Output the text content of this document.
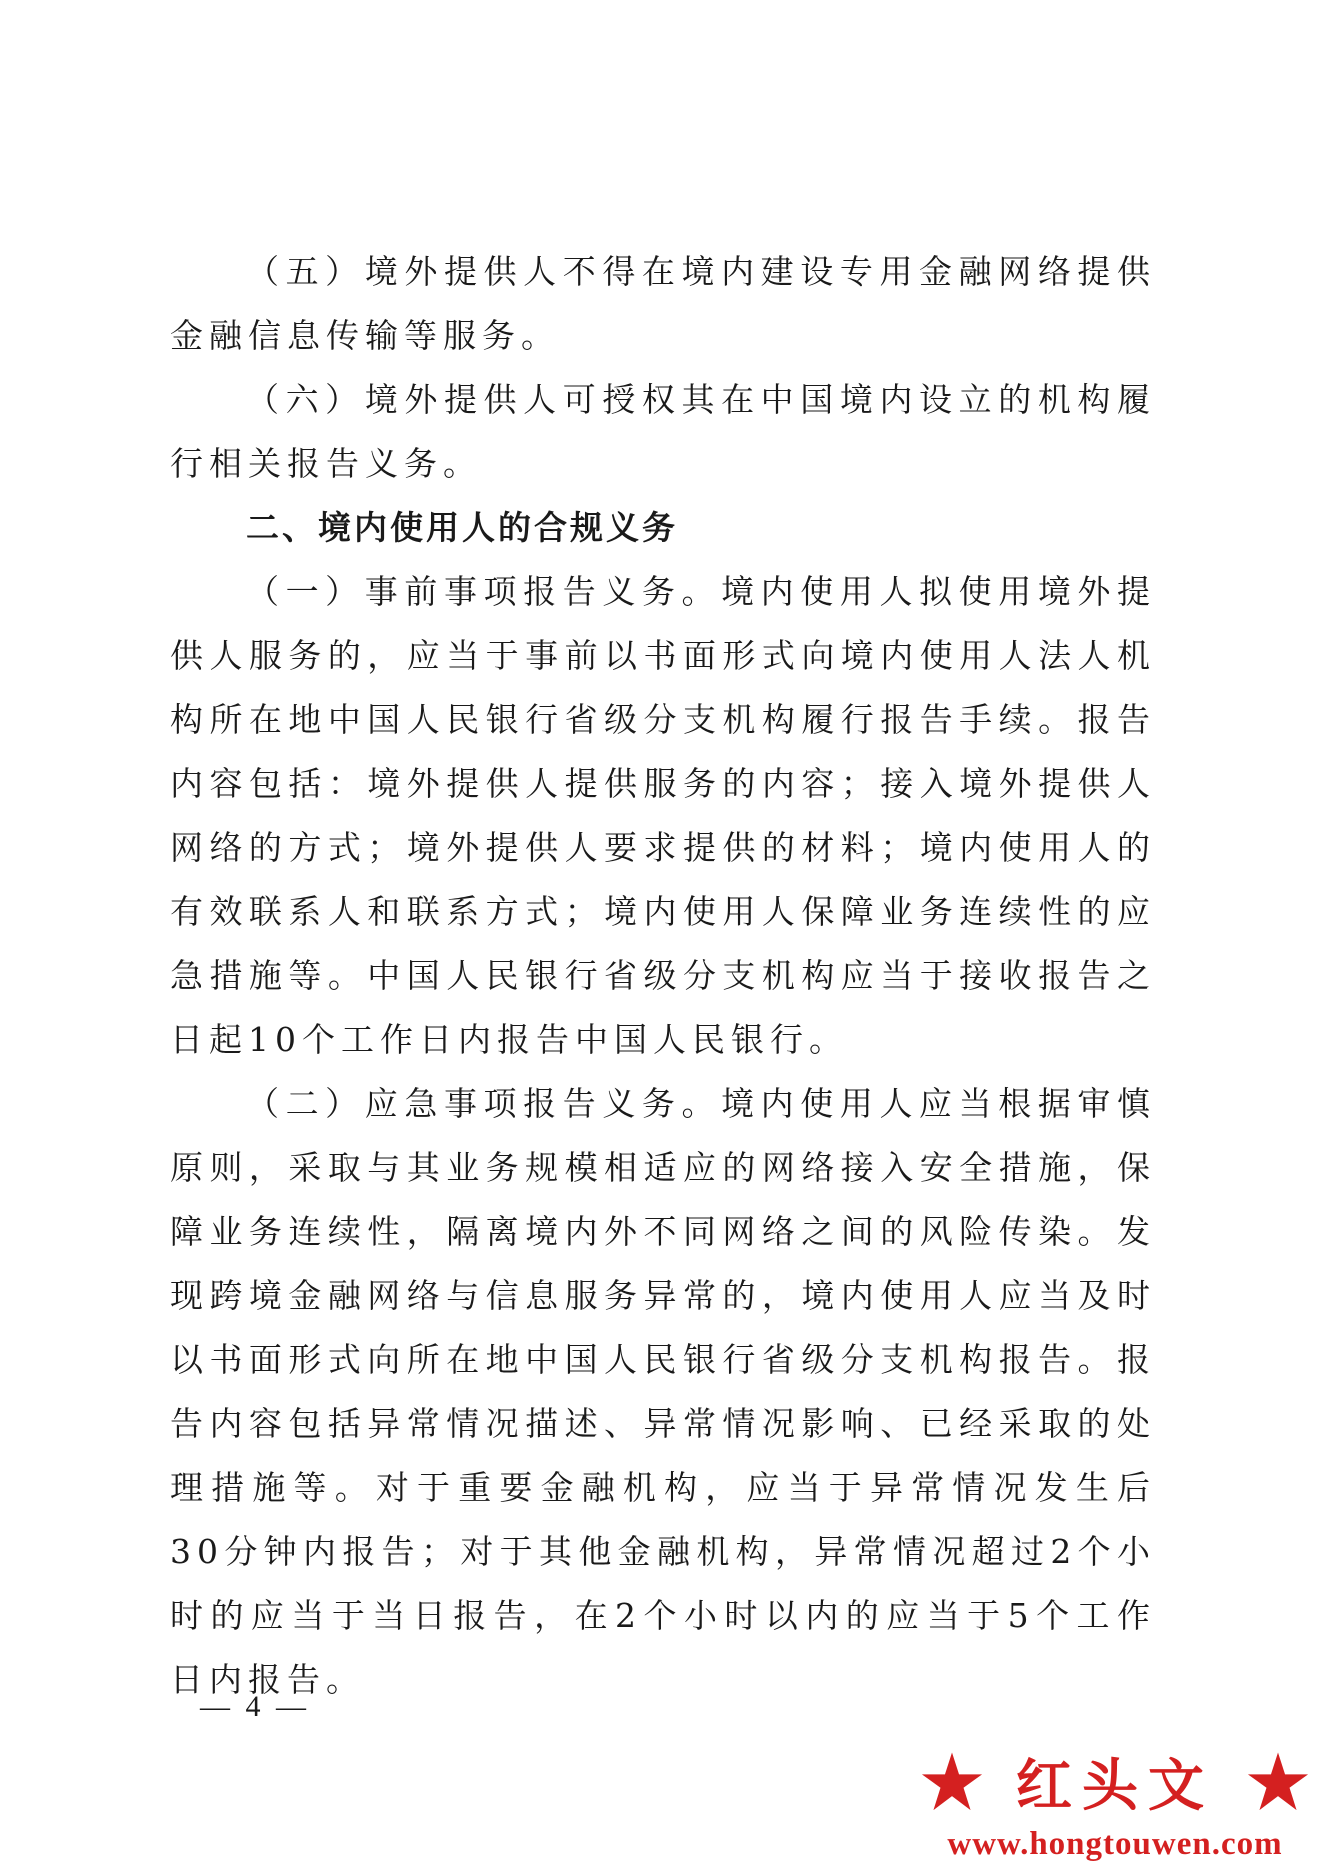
（五）境外提供人不得在境内建设专用金融网络提供金融信息传输等服务。

（六）境外提供人可授权其在中国境内设立的机构履行相关报告义务。

二、境内使用人的合规义务

（一）事前事项报告义务。境内使用人拟使用境外提供人服务的，应当于事前以书面形式向境内使用人法人机构所在地中国人民银行省级分支机构履行报告手续。报告内容包括：境外提供人提供服务的内容；接入境外提供人网络的方式；境外提供人要求提供的材料；境内使用人的有效联系人和联系方式；境内使用人保障业务连续性的应急措施等。中国人民银行省级分支机构应当于接收报告之日起10个工作日内报告中国人民银行。

（二）应急事项报告义务。境内使用人应当根据审慎原则，采取与其业务规模相适应的网络接入安全措施，保障业务连续性，隔离境内外不同网络之间的风险传染。发现跨境金融网络与信息服务异常的，境内使用人应当及时以书面形式向所在地中国人民银行省级分支机构报告。报告内容包括异常情况描述、异常情况影响、已经采取的处理措施等。对于重要金融机构，应当于异常情况发生后30分钟内报告；对于其他金融机构，异常情况超过2个小时的应当于当日报告，在2个小时以内的应当于5个工作日内报告。

— 4 —
红头文
www.hongtouwen.com
